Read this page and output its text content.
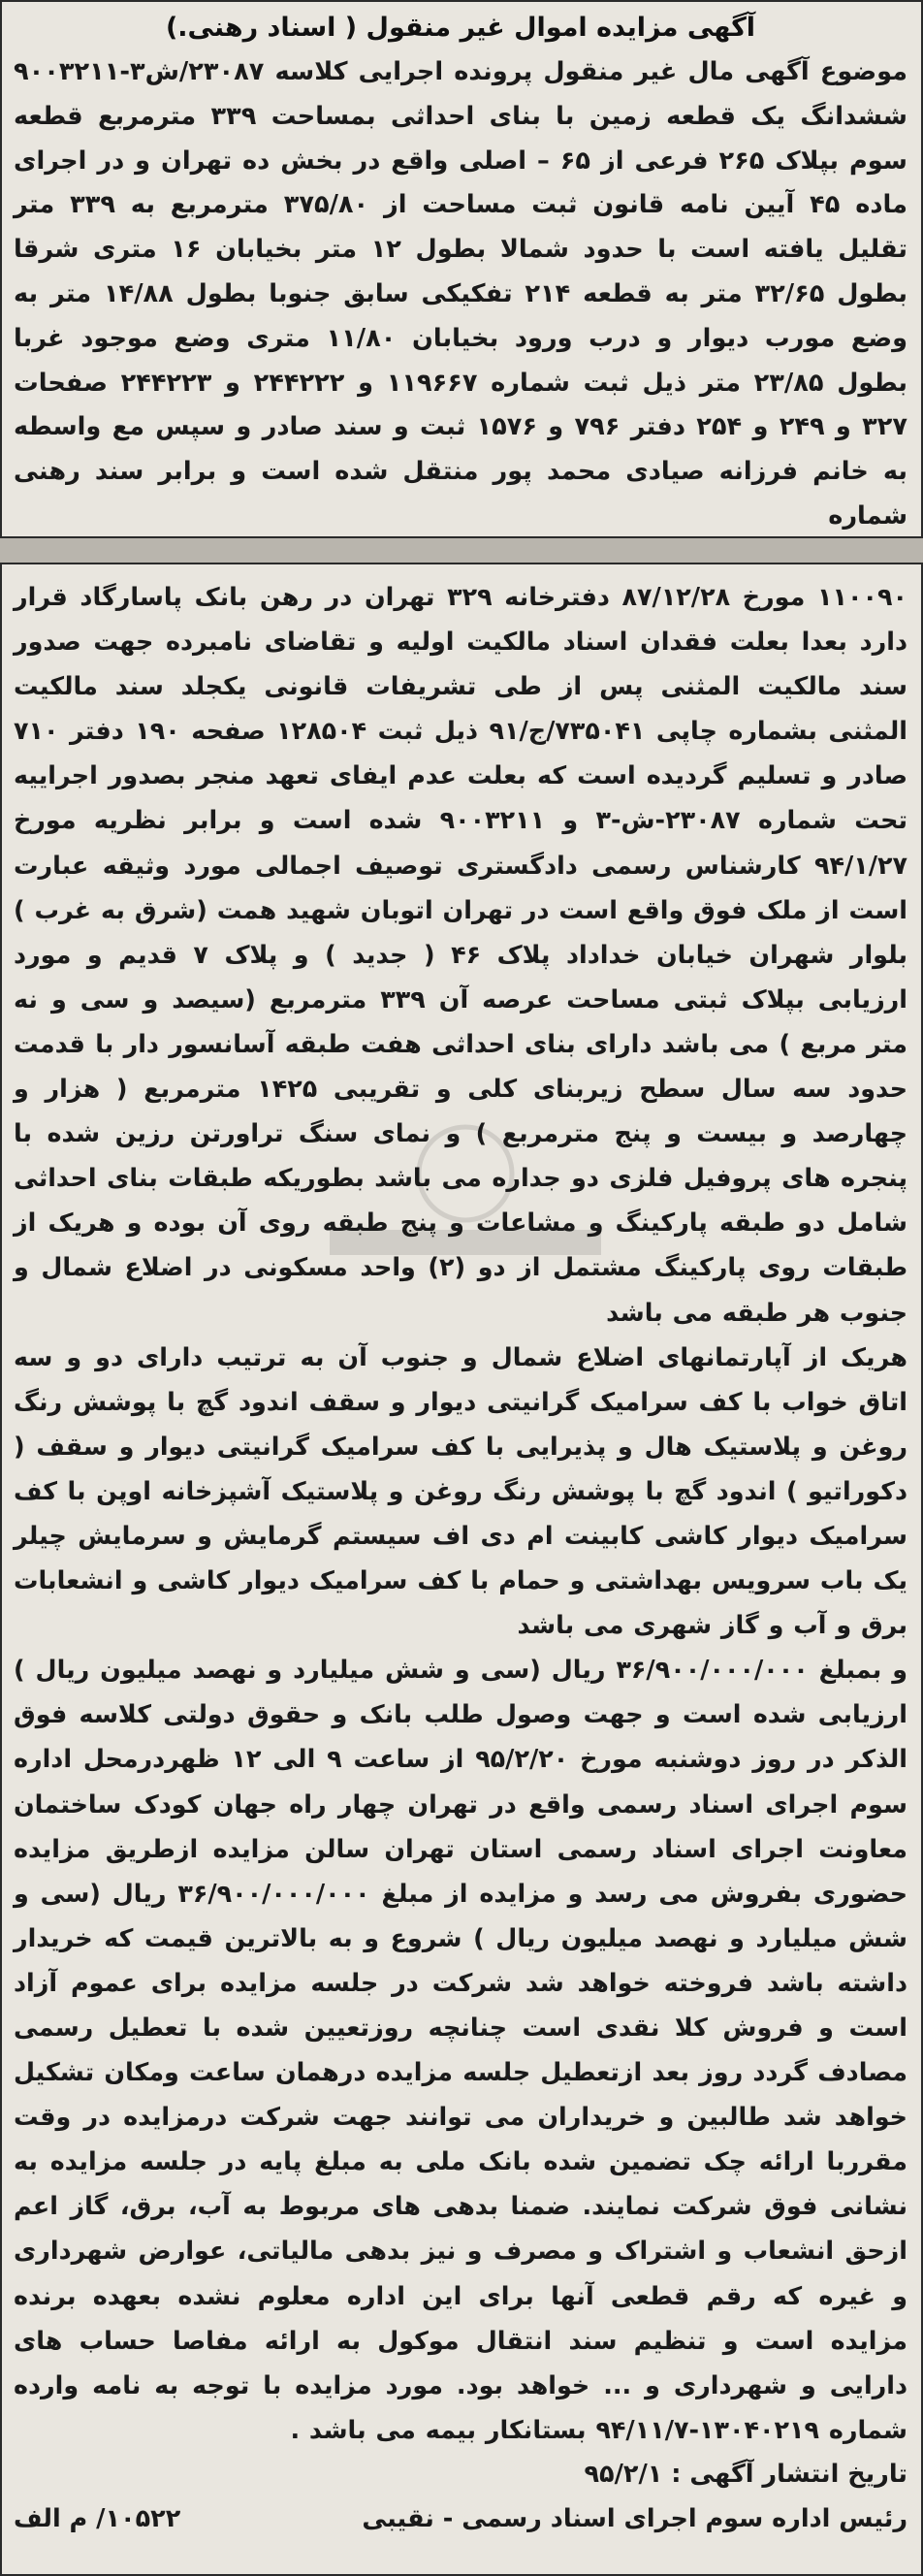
آگهی مزایده اموال غیر منقول ( اسناد رهنی.)

موضوع آگهی مال غیر منقول پرونده اجرایی کلاسه ۲۳۰۸۷/ش۳-۹۰۰۳۲۱۱ ششدانگ یک قطعه زمین با بنای احداثی بمساحت ۳۳۹ مترمربع قطعه سوم بپلاک ۲۶۵ فرعی از ۶۵ – اصلی واقع در بخش ده تهران و در اجرای ماده ۴۵ آیین نامه قانون ثبت مساحت از ۳۷۵/۸۰ مترمربع به ۳۳۹ متر تقلیل یافته است با حدود شمالا بطول ۱۲ متر بخیابان ۱۶ متری شرقا بطول ۳۲/۶۵ متر به قطعه ۲۱۴ تفکیکی سابق جنوبا بطول ۱۴/۸۸ متر به وضع مورب دیوار و درب ورود بخیابان ۱۱/۸۰ متری وضع موجود غربا بطول ۲۳/۸۵ متر ذیل ثبت شماره ۱۱۹۶۶۷ و ۲۴۴۲۲۲ و ۲۴۴۲۲۳ صفحات ۳۲۷ و ۲۴۹ و ۲۵۴ دفتر ۷۹۶ و ۱۵۷۶ ثبت و سند صادر و سپس مع واسطه به خانم فرزانه صیادی محمد پور منتقل شده است و برابر سند رهنی شماره

۱۱۰۰۹۰ مورخ ۸۷/۱۲/۲۸ دفترخانه ۳۲۹ تهران در رهن بانک پاسارگاد قرار دارد بعدا بعلت فقدان اسناد مالکیت اولیه و تقاضای نامبرده جهت صدور سند مالکیت المثنی پس از طی تشریفات قانونی یکجلد سند مالکیت المثنی بشماره چاپی ۷۳۵۰۴۱/ج/۹۱ ذیل ثبت ۱۲۸۵۰۴ صفحه ۱۹۰ دفتر ۷۱۰ صادر و تسلیم گردیده است که بعلت عدم ایفای تعهد منجر بصدور اجراییه تحت شماره ۲۳۰۸۷-ش-۳ و ۹۰۰۳۲۱۱ شده است و برابر نظریه مورخ ۹۴/۱/۲۷ کارشناس رسمی دادگستری توصیف اجمالی مورد وثیقه عبارت است از ملک فوق واقع است در تهران اتوبان شهید همت (شرق به غرب ) بلوار شهران خیابان خداداد پلاک ۴۶ ( جدید ) و پلاک ۷ قدیم و مورد ارزیابی بپلاک ثبتی مساحت عرصه آن ۳۳۹ مترمربع (سیصد و سی و نه متر مربع ) می باشد دارای بنای احداثی هفت طبقه آسانسور دار با قدمت حدود سه سال سطح زیربنای کلی و تقریبی ۱۴۲۵ مترمربع ( هزار و چهارصد و بیست و پنج مترمربع ) و نمای سنگ تراورتن رزین شده با پنجره های پروفیل فلزی دو جداره می باشد بطوریکه طبقات بنای احداثی شامل دو طبقه پارکینگ و مشاعات و پنج طبقه روی آن بوده و هریک از طبقات روی پارکینگ مشتمل از دو (۲) واحد مسکونی در اضلاع شمال و جنوب هر طبقه می باشد

هریک از آپارتمانهای اضلاع شمال و جنوب آن به ترتیب دارای دو و سه اتاق خواب با کف سرامیک گرانیتی دیوار و سقف اندود گچ با پوشش رنگ روغن و پلاستیک هال و پذیرایی با کف سرامیک گرانیتی دیوار و سقف ( دکوراتیو ) اندود گچ با پوشش رنگ روغن و پلاستیک آشپزخانه اوپن با کف سرامیک دیوار کاشی کابینت ام دی اف سیستم گرمایش و سرمایش چیلر یک باب سرویس بهداشتی و حمام با کف سرامیک دیوار کاشی و انشعابات برق و آب و گاز شهری می باشد

و بمبلغ ۳۶/۹۰۰/۰۰۰/۰۰۰ ریال (سی و شش میلیارد و نهصد میلیون ریال ) ارزیابی شده است و جهت وصول طلب بانک و حقوق دولتی کلاسه فوق الذکر در روز دوشنبه مورخ ۹۵/۲/۲۰ از ساعت ۹ الی ۱۲ ظهردرمحل اداره سوم اجرای اسناد رسمی واقع در تهران چهار راه جهان کودک ساختمان معاونت اجرای اسناد رسمی استان تهران سالن مزایده ازطریق مزایده حضوری بفروش می رسد و مزایده از مبلغ ۳۶/۹۰۰/۰۰۰/۰۰۰ ریال (سی و شش میلیارد و نهصد میلیون ریال ) شروع و به بالاترین قیمت که خریدار داشته باشد فروخته خواهد شد شرکت در جلسه مزایده برای عموم آزاد است و فروش کلا نقدی است چنانچه روزتعیین شده با تعطیل رسمی مصادف گردد روز بعد ازتعطیل جلسه مزایده درهمان ساعت ومکان تشکیل خواهد شد طالبین و خریداران می توانند جهت شرکت درمزایده در وقت مقرربا ارائه چک تضمین شده بانک ملی به مبلغ پایه در جلسه مزایده به نشانی فوق شرکت نمایند. ضمنا بدهی های مربوط به آب، برق، گاز اعم ازحق انشعاب و اشتراک و مصرف و نیز بدهی مالیاتی، عوارض شهرداری و غیره که رقم قطعی آنها برای این اداره معلوم نشده بعهده برنده مزایده است و تنظیم سند انتقال موکول به ارائه مفاصا حساب های دارایی و شهرداری و ... خواهد بود. مورد مزایده با توجه به نامه وارده شماره ۱۳۰۴۰۲۱۹-۹۴/۱۱/۷ بستانکار بیمه می باشد .

تاریخ انتشار آگهی : ۹۵/۲/۱
رئیس اداره سوم اجرای اسناد رسمی - نقیبی
۱۰۵۲۲/ م الف
